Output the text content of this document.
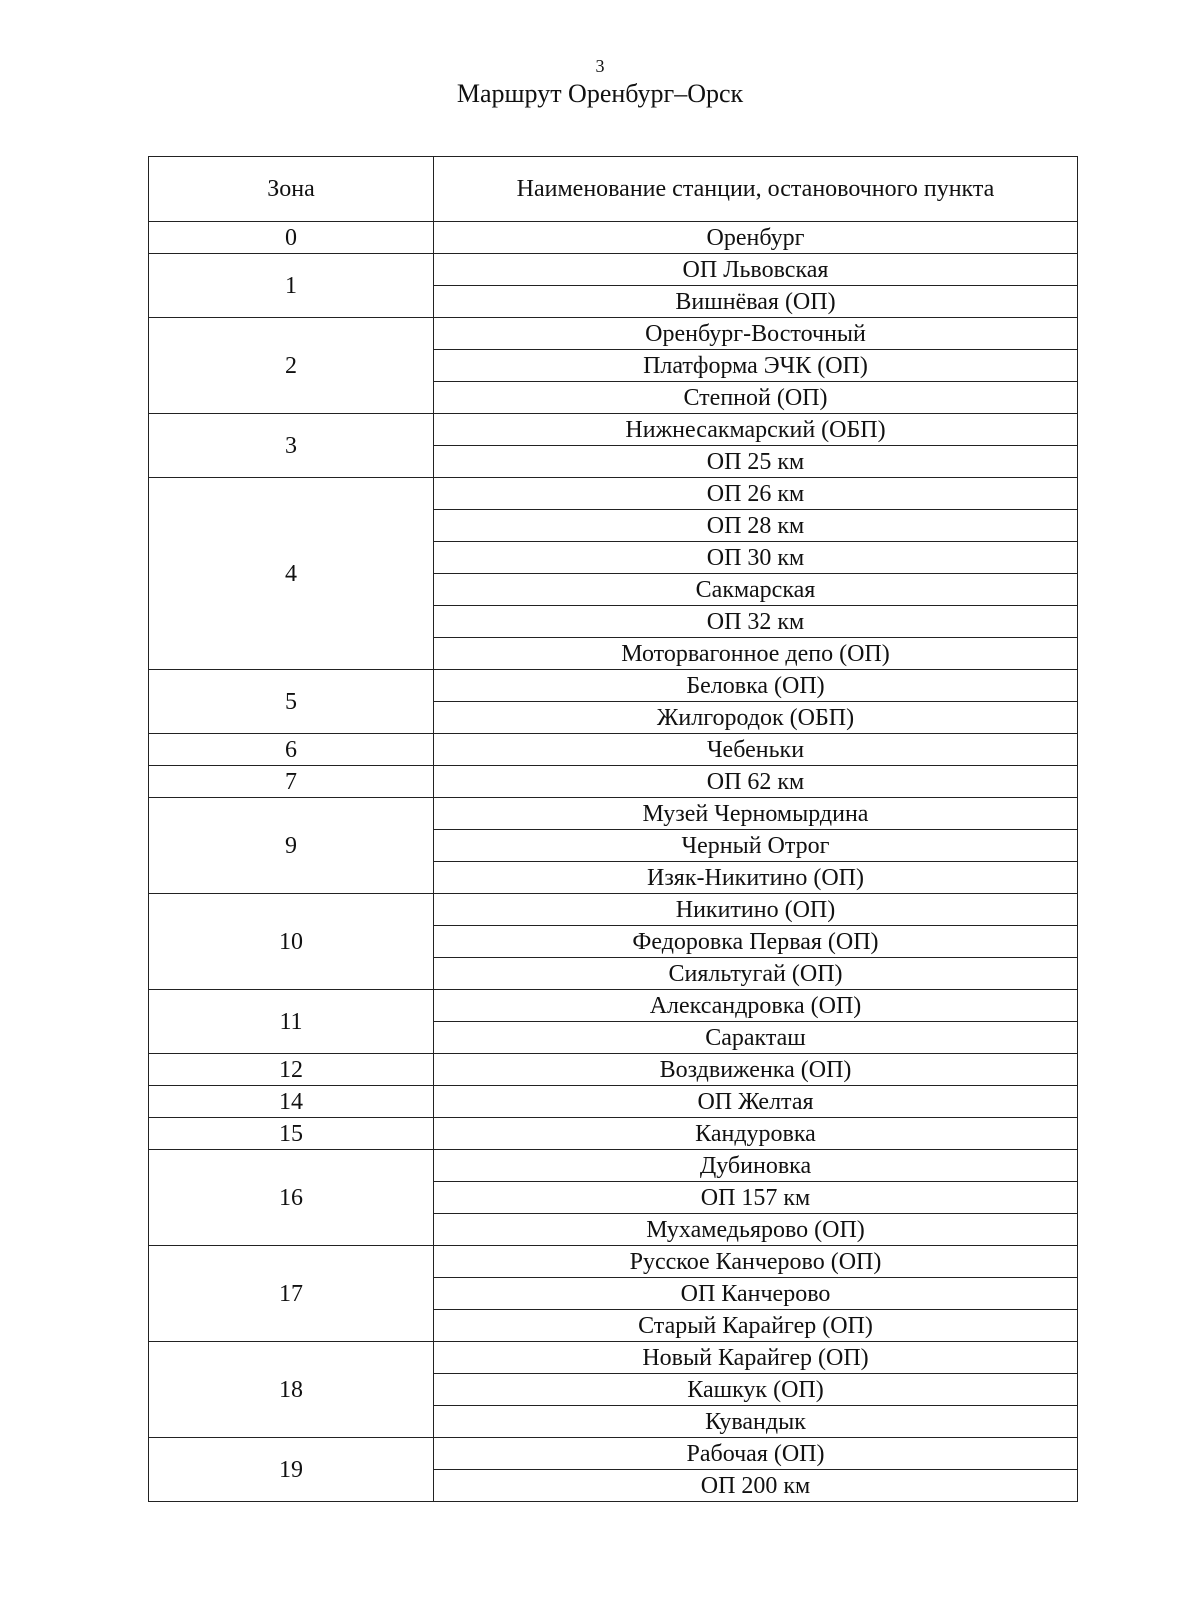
3
Маршрут Оренбург–Орск
Зона	Наименование станции, остановочного пункта
0	Оренбург
1	ОП Львовская
	Вишнёвая (ОП)
2	Оренбург-Восточный
	Платформа ЭЧК (ОП)
	Степной (ОП)
3	Нижнесакмарский (ОБП)
	ОП 25 км
4	ОП 26 км
	ОП 28 км
	ОП 30 км
	Сакмарская
	ОП 32 км
	Моторвагонное депо (ОП)
5	Беловка (ОП)
	Жилгородок (ОБП)
6	Чебеньки
7	ОП 62 км
9	Музей Черномырдина
	Черный Отрог
	Изяк-Никитино (ОП)
10	Никитино (ОП)
	Федоровка Первая (ОП)
	Сияльтугай (ОП)
11	Александровка (ОП)
	Саракташ
12	Воздвиженка (ОП)
14	ОП Желтая
15	Кандуровка
16	Дубиновка
	ОП 157 км
	Мухамедьярово (ОП)
17	Русское Канчерово (ОП)
	ОП Канчерово
	Старый Карайгер (ОП)
18	Новый Карайгер (ОП)
	Кашкук (ОП)
	Кувандык
19	Рабочая (ОП)
	ОП 200 км
